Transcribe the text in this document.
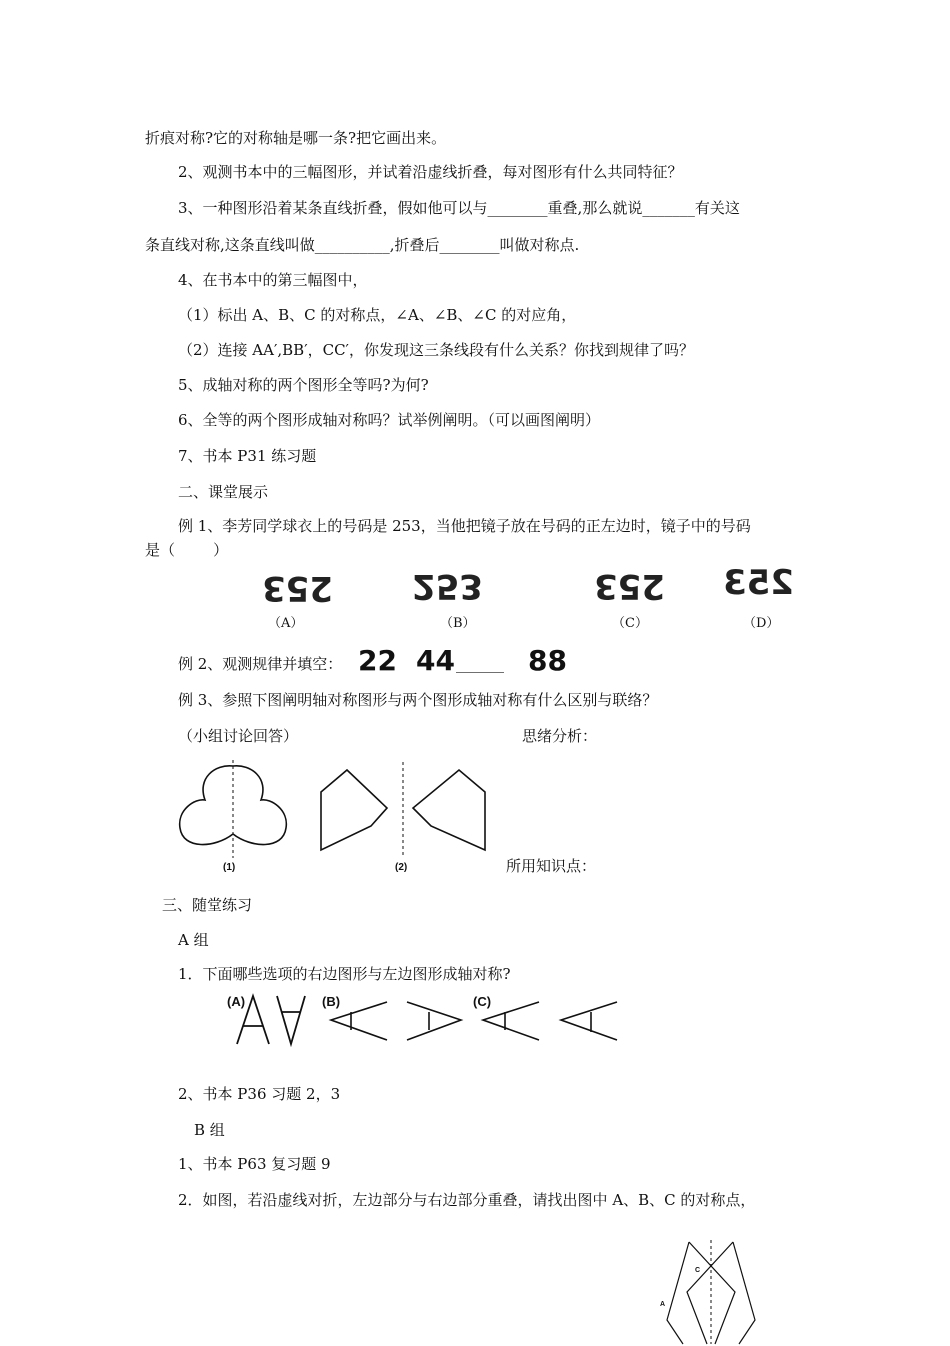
折痕对称?它的对称轴是哪一条?把它画出来。
2、观测书本中的三幅图形，并试着沿虚线折叠，每对图形有什么共同特征？
3、一种图形沿着某条直线折叠，假如他可以与________重叠,那么就说_______有关这
条直线对称,这条直线叫做__________,折叠后________叫做对称点.
4、在书本中的第三幅图中，
（1）标出 A、B、C 的对称点，∠A、∠B、∠C 的对应角，
（2）连接 AA′,BB′，CC′，你发现这三条线段有什么关系？你找到规律了吗？
5、成轴对称的两个图形全等吗?为何?
6、全等的两个图形成轴对称吗？试举例阐明。（可以画图阐明）
7、书本 P31 练习题
二、课堂展示
例 1、李芳同学球衣上的号码是 253，当他把镜子放在号码的正左边时，镜子中的号码
是（        ）
253 253	253 253
（A）	（B）	（C）	（D）
例 2、观测规律并填空： 22 44 ______ 88
例 3、参照下图阐明轴对称图形与两个图形成轴对称有什么区别与联络？
（小组讨论回答）	思绪分析：
(1)	(2)	所用知识点：
三、随堂练习
A 组
1．下面哪些选项的右边图形与左边图形成轴对称?
(A)	(B)	(C)
2、书本 P36 习题 2，3
B 组
1、书本 P63 复习题 9
2．如图，若沿虚线对折，左边部分与右边部分重叠，请找出图中 A、B、C 的对称点，
C
A
